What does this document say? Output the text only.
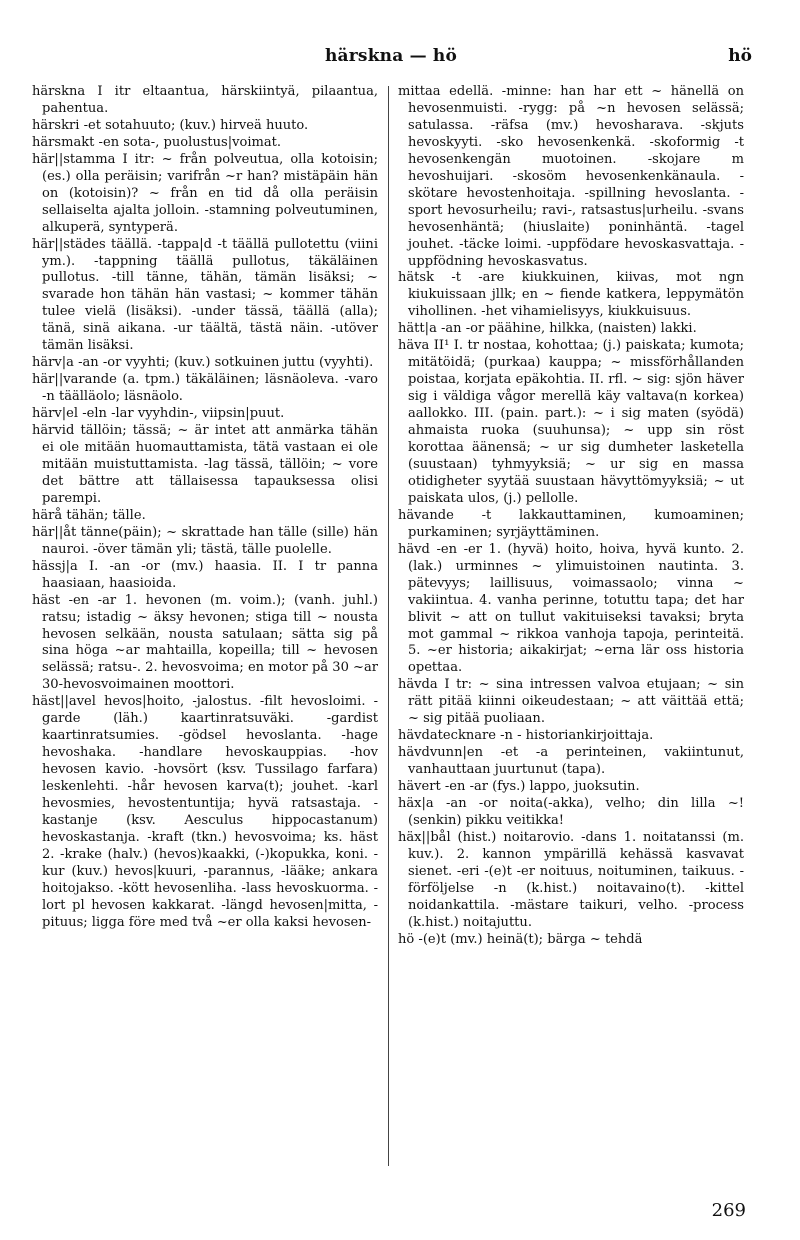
härskna — hö	hö

härskna I itr eltaantua, härskiintyä, pilaantua, pahentua.

härskri -et sotahuuto; (kuv.) hirveä huuto.

härsmakt -en sota-, puolustus|voimat.

här||stamma I itr: ~ från polveutua, olla kotoisin; (es.) olla peräisin; varifrån ~r han? mistäpäin hän on (kotoisin)? ~ från en tid då olla peräisin sellaiselta ajalta jolloin. -stamning polveutuminen, alkuperä, syntyperä.

här||städes täällä. -tappa|d -t täällä pullotettu (viini ym.). -tappning täällä pullotus, täkäläinen pullotus. -till tänne, tähän, tämän lisäksi; ~ svarade hon tähän hän vastasi; ~ kommer tähän tulee vielä (lisäksi). -under tässä, täällä (alla); tänä, sinä aikana. -ur täältä, tästä näin. -utöver tämän lisäksi.

härv|a -an -or vyyhti; (kuv.) sotkuinen juttu (vyyhti).

här||varande (a. tpm.) täkäläinen; läsnäoleva. -varo -n täälläolo; läsnäolo.

härv|el -eln -lar vyyhdin-, viipsin|puut.

härvid tällöin; tässä; ~ är intet att anmärka tähän ei ole mitään huomauttamista, tätä vastaan ei ole mitään muistuttamista. -lag tässä, tällöin; ~ vore det bättre att tällaisessa tapauksessa olisi parempi.

härå tähän; tälle.

här||åt tänne(päin); ~ skrattade han tälle (sille) hän nauroi. -över tämän yli; tästä, tälle puolelle.

hässj|a I. -an -or (mv.) haasia. II. I tr panna haasiaan, haasioida.

häst -en -ar 1. hevonen (m. voim.); (vanh. juhl.) ratsu; istadig ~ äksy hevonen; stiga till ~ nousta hevosen selkään, nousta satulaan; sätta sig på sina höga ~ar mahtailla, kopeilla; till ~ hevosen selässä; ratsu-. 2. hevosvoima; en motor på 30 ~ar 30-hevosvoimainen moottori.

häst||avel hevos|hoito, -jalostus. -filt hevosloimi. -garde (läh.) kaartinratsuväki. -gardist kaartinratsumies. -gödsel hevoslanta. -hage hevoshaka. -handlare hevoskauppias. -hov hevosen kavio. -hovsört (ksv. Tussilago farfara) leskenlehti. -hår hevosen karva(t); jouhet. -karl hevosmies, hevostentuntija; hyvä ratsastaja. -kastanje (ksv. Aesculus hippocastanum) hevoskastanja. -kraft (tkn.) hevosvoima; ks. häst 2. -krake (halv.) (hevos)kaakki, (-)kopukka, koni. -kur (kuv.) hevos|kuuri, -parannus, -lääke; ankara hoitojakso. -kött hevosenliha. -lass hevoskuorma. -lort pl hevosen kakkarat. -längd hevosen|mitta, -pituus; ligga före med två ~er olla kaksi hevosen-

mittaa edellä. -minne: han har ett ~ hänellä on hevosenmuisti. -rygg: på ~n hevosen selässä; satulassa. -räfsa (mv.) hevosharava. -skjuts hevoskyyti. -sko hevosenkenkä. -skoformig -t hevosenkengän muotoinen. -skojare m hevoshuijari. -skosöm hevosenkenkänaula. -skötare hevostenhoitaja. -spillning hevoslanta. -sport hevosurheilu; ravi-, ratsastus|urheilu. -svans hevosenhäntä; (hiuslaite) poninhäntä. -tagel jouhet. -täcke loimi. -uppfödare hevoskasvattaja. -uppfödning hevoskasvatus.

hätsk -t -are kiukkuinen, kiivas, mot ngn kiukuissaan jllk; en ~ fiende katkera, leppymätön vihollinen. -het vihamielisyys, kiukkuisuus.

hätt|a -an -or päähine, hilkka, (naisten) lakki.

häva II¹ I. tr nostaa, kohottaa; (j.) paiskata; kumota; mitätöidä; (purkaa) kauppa; ~ missförhållanden poistaa, korjata epäkohtia. II. rfl. ~ sig: sjön häver sig i väldiga vågor merellä käy valtava(n korkea) aallokko. III. (pain. part.): ~ i sig maten (syödä) ahmaista ruoka (suuhunsa); ~ upp sin röst korottaa äänensä; ~ ur sig dumheter lasketella (suustaan) tyhmyyksiä; ~ ur sig en massa otidigheter syytää suustaan hävyttömyyksiä; ~ ut paiskata ulos, (j.) pellolle.

hävande -t lakkauttaminen, kumoaminen; purkaminen; syrjäyttäminen.

hävd -en -er 1. (hyvä) hoito, hoiva, hyvä kunto. 2. (lak.) urminnes ~ ylimuistoinen nautinta. 3. pätevyys; laillisuus, voimassaolo; vinna ~ vakiintua. 4. vanha perinne, totuttu tapa; det har blivit ~ att on tullut vakituiseksi tavaksi; bryta mot gammal ~ rikkoa vanhoja tapoja, perinteitä. 5. ~er historia; aikakirjat; ~erna lär oss historia opettaa.

hävda I tr: ~ sina intressen valvoa etujaan; ~ sin rätt pitää kiinni oikeudestaan; ~ att väittää että; ~ sig pitää puoliaan.

hävdatecknare -n - historiankirjoittaja.

hävdvunn|en -et -a perinteinen, vakiintunut, vanhauttaan juurtunut (tapa).

hävert -en -ar (fys.) lappo, juoksutin.

häx|a -an -or noita(-akka), velho; din lilla ~! (senkin) pikku veitikka!

häx||bål (hist.) noitarovio. -dans 1. noitatanssi (m. kuv.). 2. kannon ympärillä kehässä kasvavat sienet. -eri -(e)t -er noituus, noituminen, taikuus. -förföljelse -n (k.hist.) noitavaino(t). -kittel noidankattila. -mästare taikuri, velho. -process (k.hist.) noitajuttu.

hö -(e)t (mv.) heinä(t); bärga ~ tehdä

269
